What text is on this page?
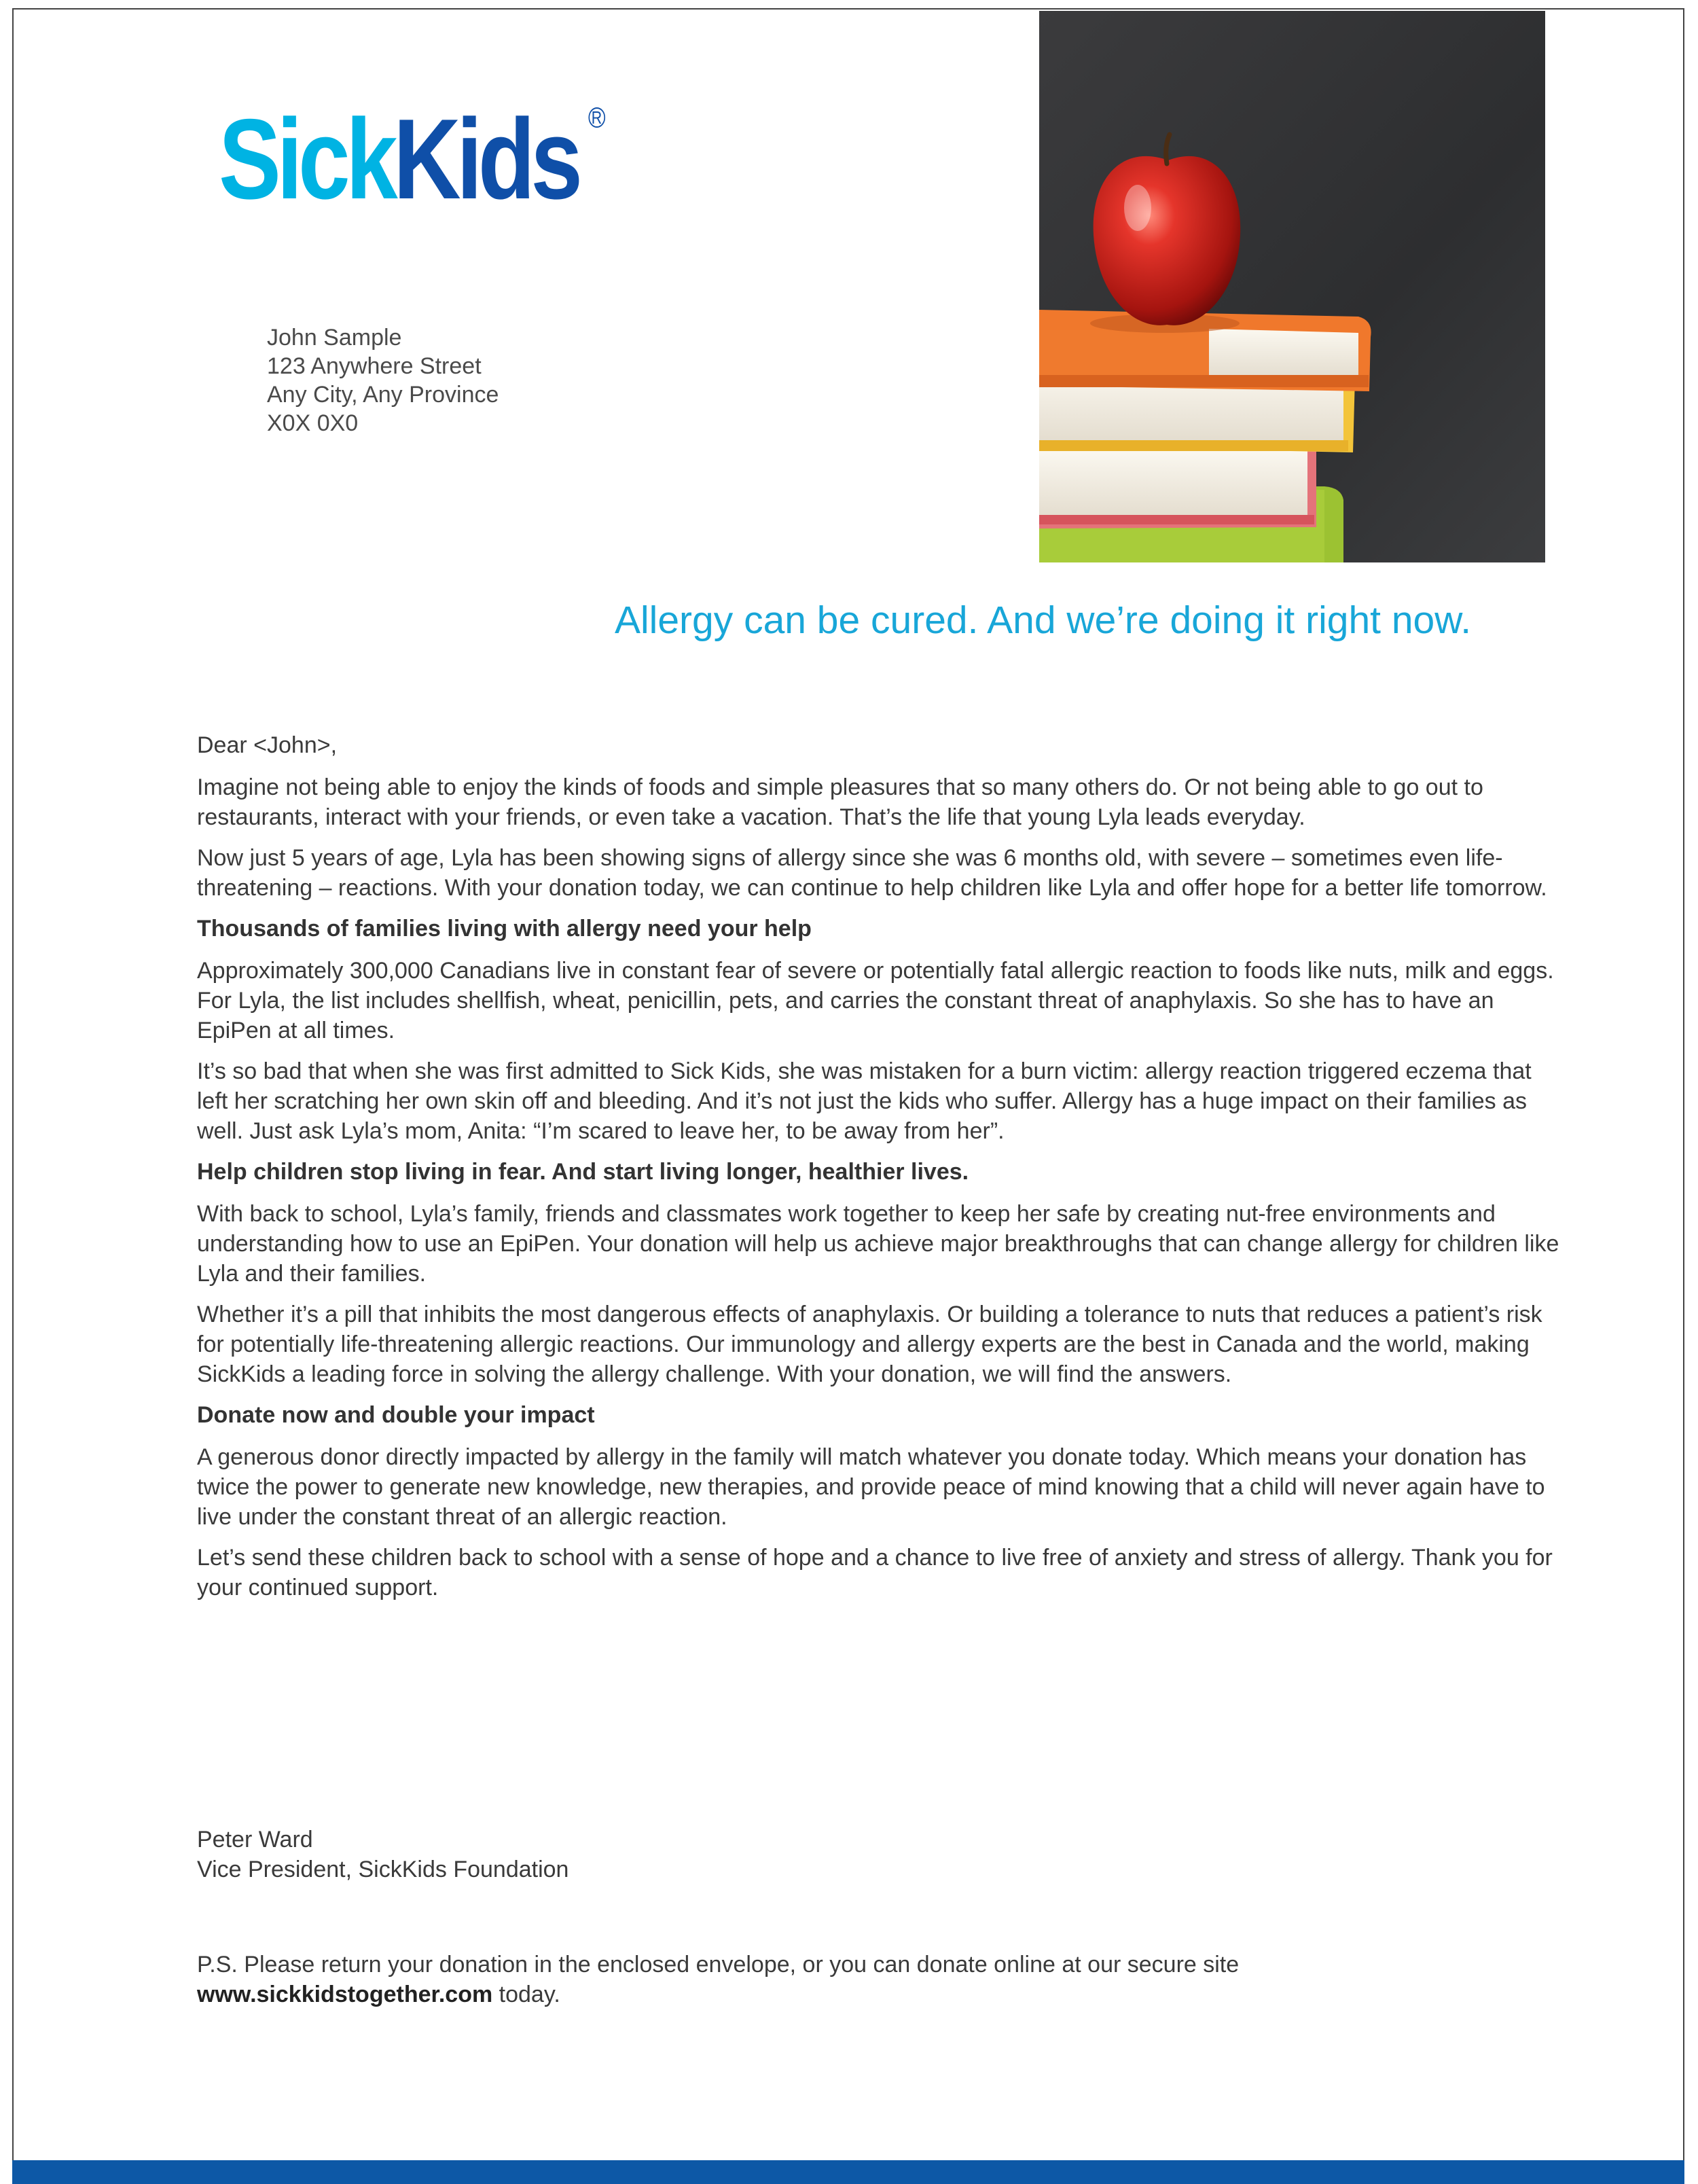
SickKids R
John Sample
123 Anywhere Street
Any City, Any Province
X0X 0X0
Allergy can be cured. And we’re doing it right now.

Dear <John>,

Imagine not being able to enjoy the kinds of foods and simple pleasures that so many others do. Or not being able to go out to restaurants, interact with your friends, or even take a vacation. That’s the life that young Lyla leads everyday.

Now just 5 years of age, Lyla has been showing signs of allergy since she was 6 months old, with severe – sometimes even life-threatening – reactions. With your donation today, we can continue to help children like Lyla and offer hope for a better life tomorrow.

Thousands of families living with allergy need your help

Approximately 300,000 Canadians live in constant fear of severe or potentially fatal allergic reaction to foods like nuts, milk and eggs. For Lyla, the list includes shellfish, wheat, penicillin, pets, and carries the constant threat of anaphylaxis. So she has to have an EpiPen at all times.

It’s so bad that when she was first admitted to Sick Kids, she was mistaken for a burn victim: allergy reaction triggered eczema that left her scratching her own skin off and bleeding. And it’s not just the kids who suffer. Allergy has a huge impact on their families as well. Just ask Lyla’s mom, Anita: “I’m scared to leave her, to be away from her”.

Help children stop living in fear. And start living longer, healthier lives.

With back to school, Lyla’s family, friends and classmates work together to keep her safe by creating nut-free environments and understanding how to use an EpiPen. Your donation will help us achieve major breakthroughs that can change allergy for children like Lyla and their families.

Whether it’s a pill that inhibits the most dangerous effects of anaphylaxis. Or building a tolerance to nuts that reduces a patient’s risk for potentially life-threatening allergic reactions. Our immunology and allergy experts are the best in Canada and the world, making SickKids a leading force in solving the allergy challenge. With your donation, we will find the answers.

Donate now and double your impact

A generous donor directly impacted by allergy in the family will match whatever you donate today. Which means your donation has twice the power to generate new knowledge, new therapies, and provide peace of mind knowing that a child will never again have to live under the constant threat of an allergic reaction.

Let’s send these children back to school with a sense of hope and a chance to live free of anxiety and stress of allergy. Thank you for your continued support.

Peter Ward
Vice President, SickKids Foundation
P.S. Please return your donation in the enclosed envelope, or you can donate online at our secure site www.sickkidstogether.com today.
